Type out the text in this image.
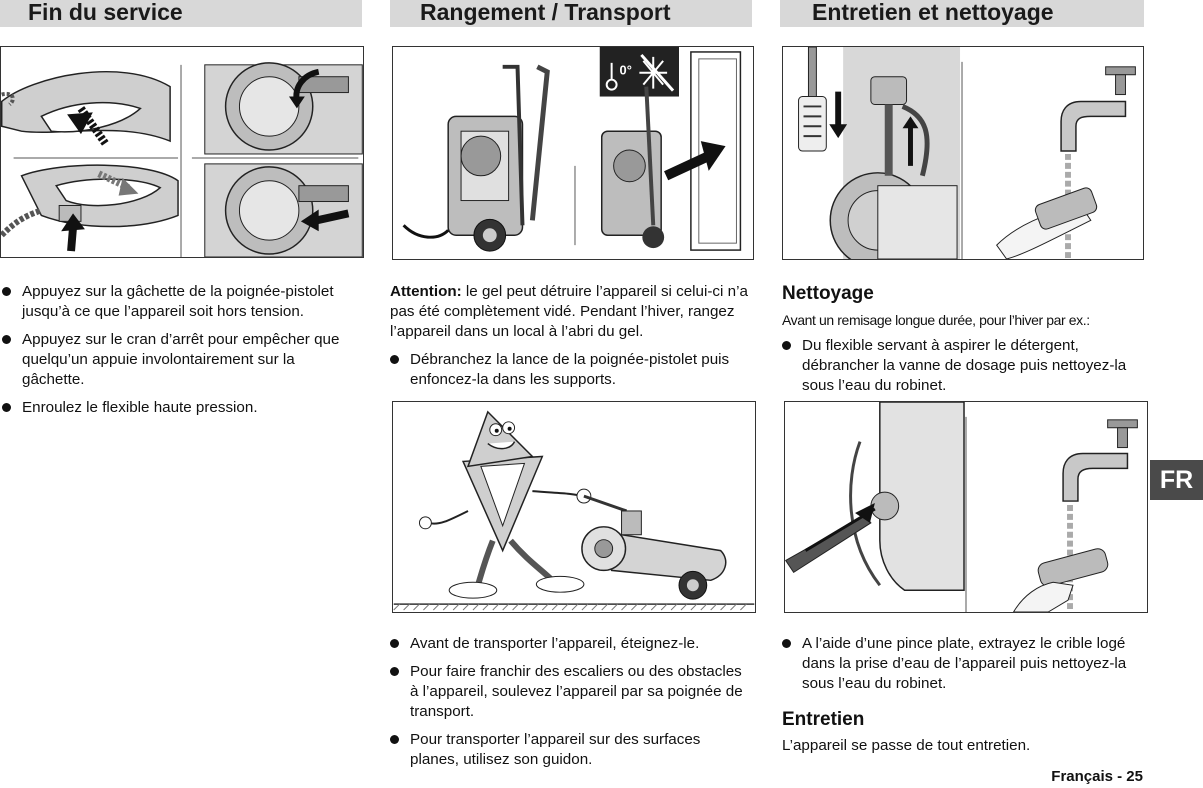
Fin du service
Appuyez sur la gâchette de la poignée-pistolet jusqu’à ce que l’appareil soit hors tension.
Appuyez sur le cran d’arrêt pour empêcher que quelqu’un appuie involontairement sur la gâchette.
Enroulez le flexible haute pression.
Rangement / Transport
0°

Attention: le gel peut détruire l’appareil si celui-ci n’a pas été complètement vidé. Pendant l’hiver, rangez l’appareil dans un local à l’abri du gel.

Débranchez la lance de la poignée-pistolet puis enfoncez-la dans les supports.
Avant de transporter l’appareil, éteignez-le.
Pour faire franchir des escaliers ou des obstacles à l’appareil, soulevez l’appareil par sa poignée de transport.
Pour transporter l’appareil sur des surfaces planes, utilisez son guidon.
Entretien et nettoyage
Nettoyage
Avant un remisage longue durée, pour l’hiver par ex.:
Du flexible servant à aspirer le détergent, débrancher la vanne de dosage puis nettoyez-la sous l’eau du robinet.
A l’aide d’une pince plate, extrayez le crible logé dans la prise d’eau de l’appareil puis nettoyez-la sous l’eau du robinet.
Entretien
L’appareil se passe de tout entretien.
FR
Français - 25
